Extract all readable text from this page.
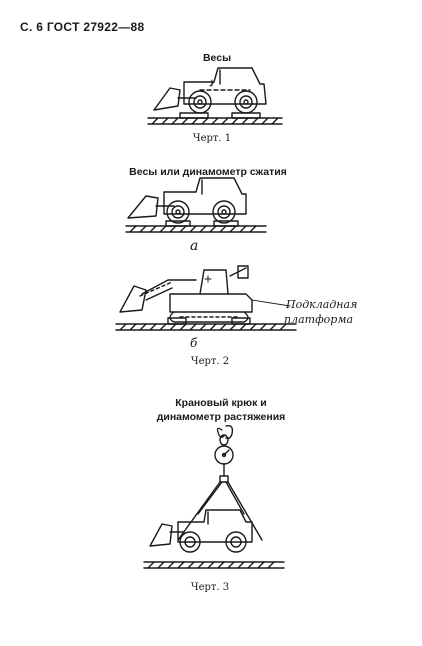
С. 6 ГОСТ 27922—88
Весы
Черт. 1
Весы или динамометр сжатия
а
Подкладная
платформа
б
Черт. 2
Крановый крюк и
динамометр растяжения
Черт. 3
